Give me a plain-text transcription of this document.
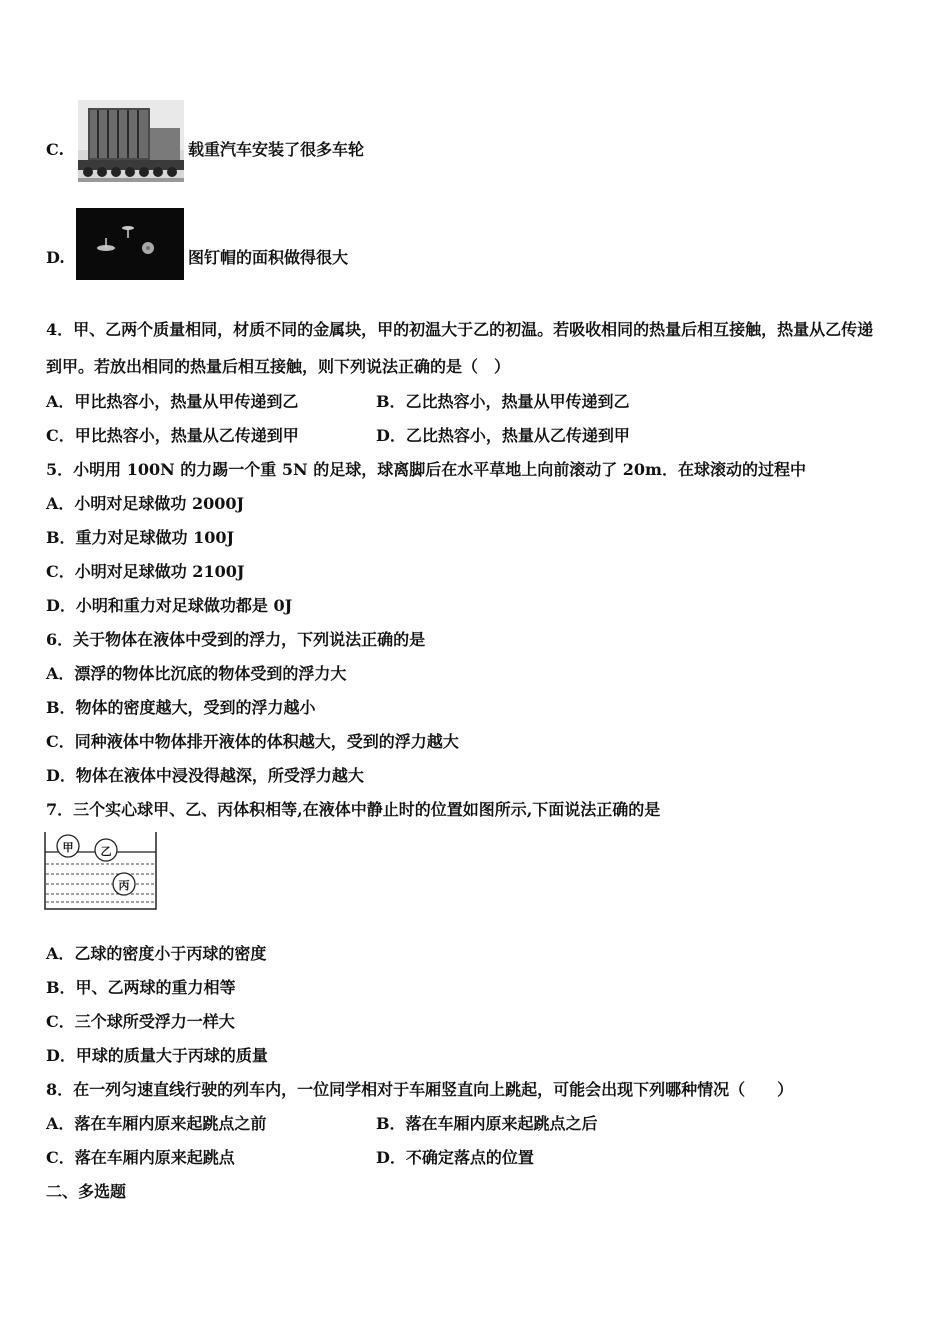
C.	载重汽车安装了很多车轮
D.	图钉帽的面积做得很大
4．甲、乙两个质量相同，材质不同的金属块，甲的初温大于乙的初温。若吸收相同的热量后相互接触，热量从乙传递
到甲。若放出相同的热量后相互接触，则下列说法正确的是（　）
A．甲比热容小，热量从甲传递到乙	B．乙比热容小，热量从甲传递到乙
C．甲比热容小，热量从乙传递到甲	D．乙比热容小，热量从乙传递到甲
5．小明用 100N 的力踢一个重 5N 的足球，球离脚后在水平草地上向前滚动了 20m．在球滚动的过程中
A．小明对足球做功 2000J
B．重力对足球做功 100J
C．小明对足球做功 2100J
D．小明和重力对足球做功都是 0J
6．关于物体在液体中受到的浮力，下列说法正确的是
A．漂浮的物体比沉底的物体受到的浮力大
B．物体的密度越大，受到的浮力越小
C．同种液体中物体排开液体的体积越大，受到的浮力越大
D．物体在液体中浸没得越深，所受浮力越大
7．三个实心球甲、乙、丙体积相等,在液体中静止时的位置如图所示,下面说法正确的是
甲 乙
丙
A．乙球的密度小于丙球的密度
B．甲、乙两球的重力相等
C．三个球所受浮力一样大
D．甲球的质量大于丙球的质量
8．在一列匀速直线行驶的列车内，一位同学相对于车厢竖直向上跳起，可能会出现下列哪种情况（　　）
A．落在车厢内原来起跳点之前	B．落在车厢内原来起跳点之后
C．落在车厢内原来起跳点	D．不确定落点的位置
二、多选题
